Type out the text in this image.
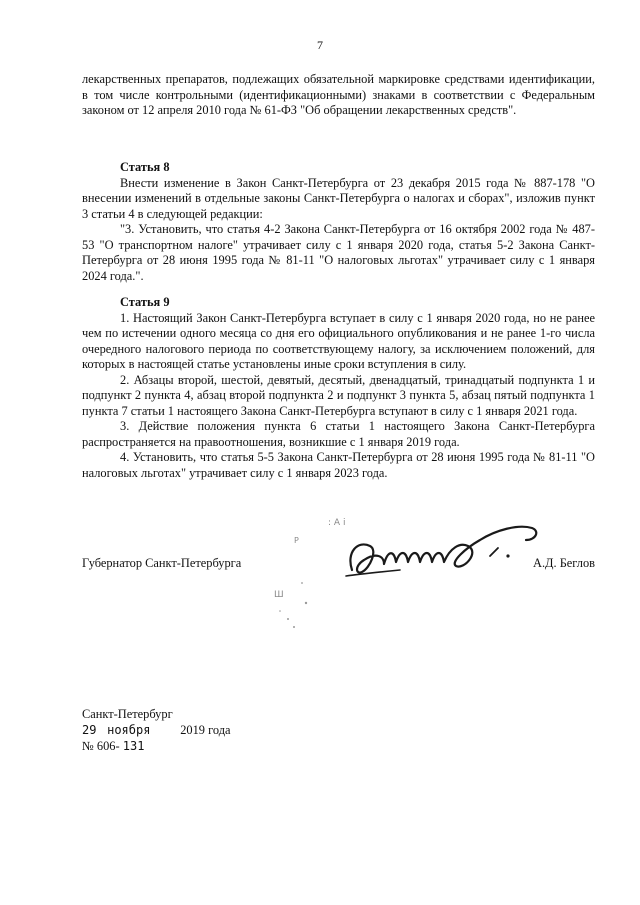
7

лекарственных препаратов, подлежащих обязательной маркировке средствами идентификации, в том числе контрольными (идентификационными) знаками в соответствии с Федеральным законом от 12 апреля 2010 года № 61-ФЗ "Об обращении лекарственных средств".

Статья 8

Внести изменение в Закон Санкт-Петербурга от 23 декабря 2015 года № 887-178 "О внесении изменений в отдельные законы Санкт-Петербурга о налогах и сборах", изложив пункт 3 статьи 4 в следующей редакции:

"3. Установить, что статья 4-2 Закона Санкт-Петербурга от 16 октября 2002 года № 487-53 "О транспортном налоге" утрачивает силу с 1 января 2020 года, статья 5-2 Закона Санкт-Петербурга от 28 июня 1995 года № 81-11 "О налоговых льготах" утрачивает силу с 1 января 2024 года.".

Статья 9

1. Настоящий Закон Санкт-Петербурга вступает в силу с 1 января 2020 года, но не ранее чем по истечении одного месяца со дня его официального опубликования и не ранее 1-го числа очередного налогового периода по соответствующему налогу, за исключением положений, для которых в настоящей статье установлены иные сроки вступления в силу.

2. Абзацы второй, шестой, девятый, десятый, двенадцатый, тринадцатый подпункта 1 и подпункт 2 пункта 4, абзац второй подпункта 2 и подпункт 3 пункта 5, абзац пятый подпункта 1 пункта 7 статьи 1 настоящего Закона Санкт-Петербурга вступают в силу с 1 января 2021 года.

3. Действие положения пункта 6 статьи 1 настоящего Закона Санкт-Петербурга распространяется на правоотношения, возникшие с 1 января 2019 года.

4. Установить, что статья 5-5 Закона Санкт-Петербурга от 28 июня 1995 года № 81-11 "О налоговых льготах" утрачивает силу с 1 января 2023 года.

: А і
Р
Ш
Губернатор Санкт-Петербурга	А.Д. Беглов
Санкт-Петербург
29 ноября 2019 года
№ 606- 131
